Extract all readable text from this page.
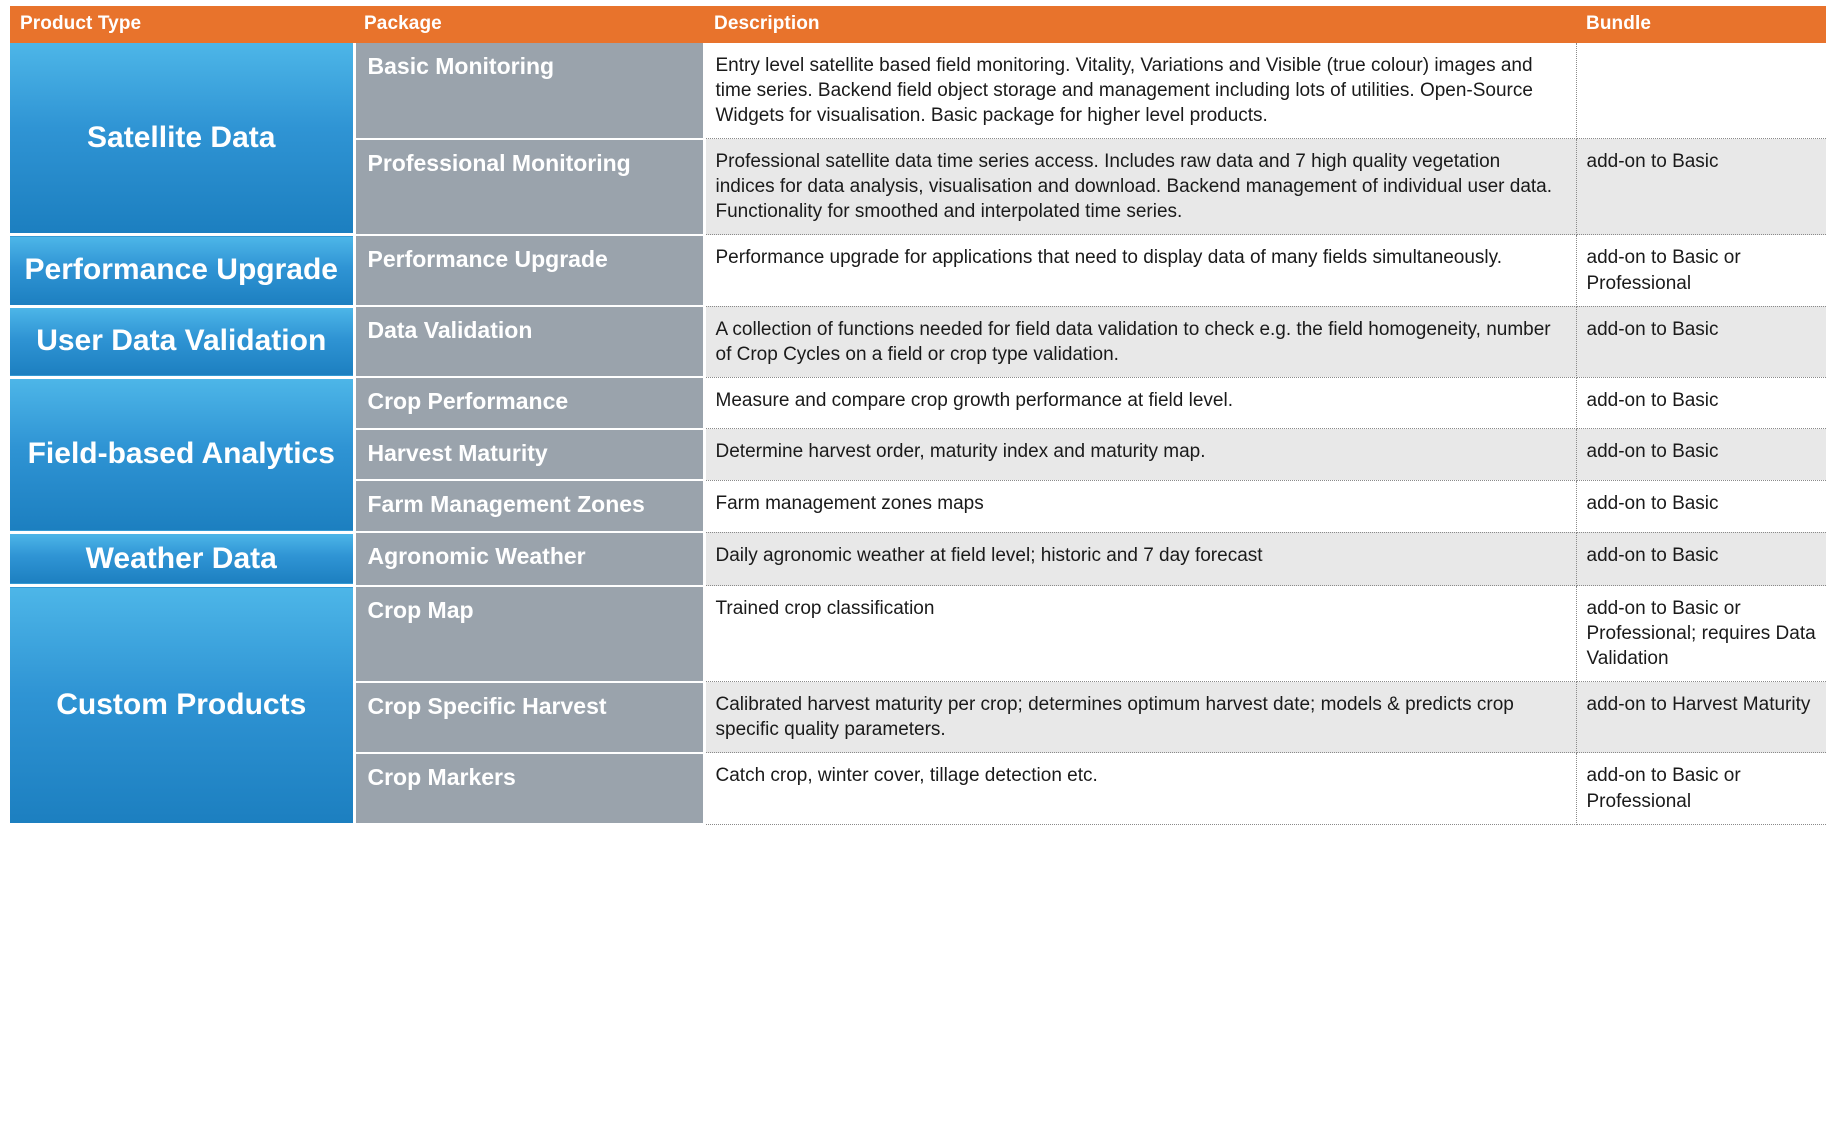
Product Type	Package	Description	Bundle
Satellite Data	Basic Monitoring	Entry level satellite based field monitoring. Vitality, Variations and Visible (true colour) images and time series. Backend field object storage and management including lots of utilities. Open-Source Widgets for visualisation. Basic package for higher level products.	
	Professional Monitoring	Professional satellite data time series access. Includes raw data and 7 high quality vegetation indices for data analysis, visualisation and download. Backend management of individual user data. Functionality for smoothed and interpolated time series.	add-on to Basic
Performance Upgrade	Performance Upgrade	Performance upgrade for applications that need to display data of many fields simultaneously.	add-on to Basic or Professional
User Data Validation	Data Validation	A collection of functions needed for field data validation to check e.g. the field homogeneity, number of Crop Cycles on a field or crop type validation.	add-on to Basic
Field-based Analytics	Crop Performance	Measure and compare crop growth performance at field level.	add-on to Basic
	Harvest Maturity	Determine harvest order, maturity index and maturity map.	add-on to Basic
	Farm Management Zones	Farm management zones maps	add-on to Basic
Weather Data	Agronomic Weather	Daily agronomic weather at field level; historic and 7 day forecast	add-on to Basic
Custom Products	Crop Map	Trained crop classification	add-on to Basic or Professional; requires Data Validation
	Crop Specific Harvest	Calibrated harvest maturity per crop; determines optimum harvest date; models & predicts crop specific quality parameters.	add-on to Harvest Maturity
	Crop Markers	Catch crop, winter cover, tillage detection etc.	add-on to Basic or Professional
